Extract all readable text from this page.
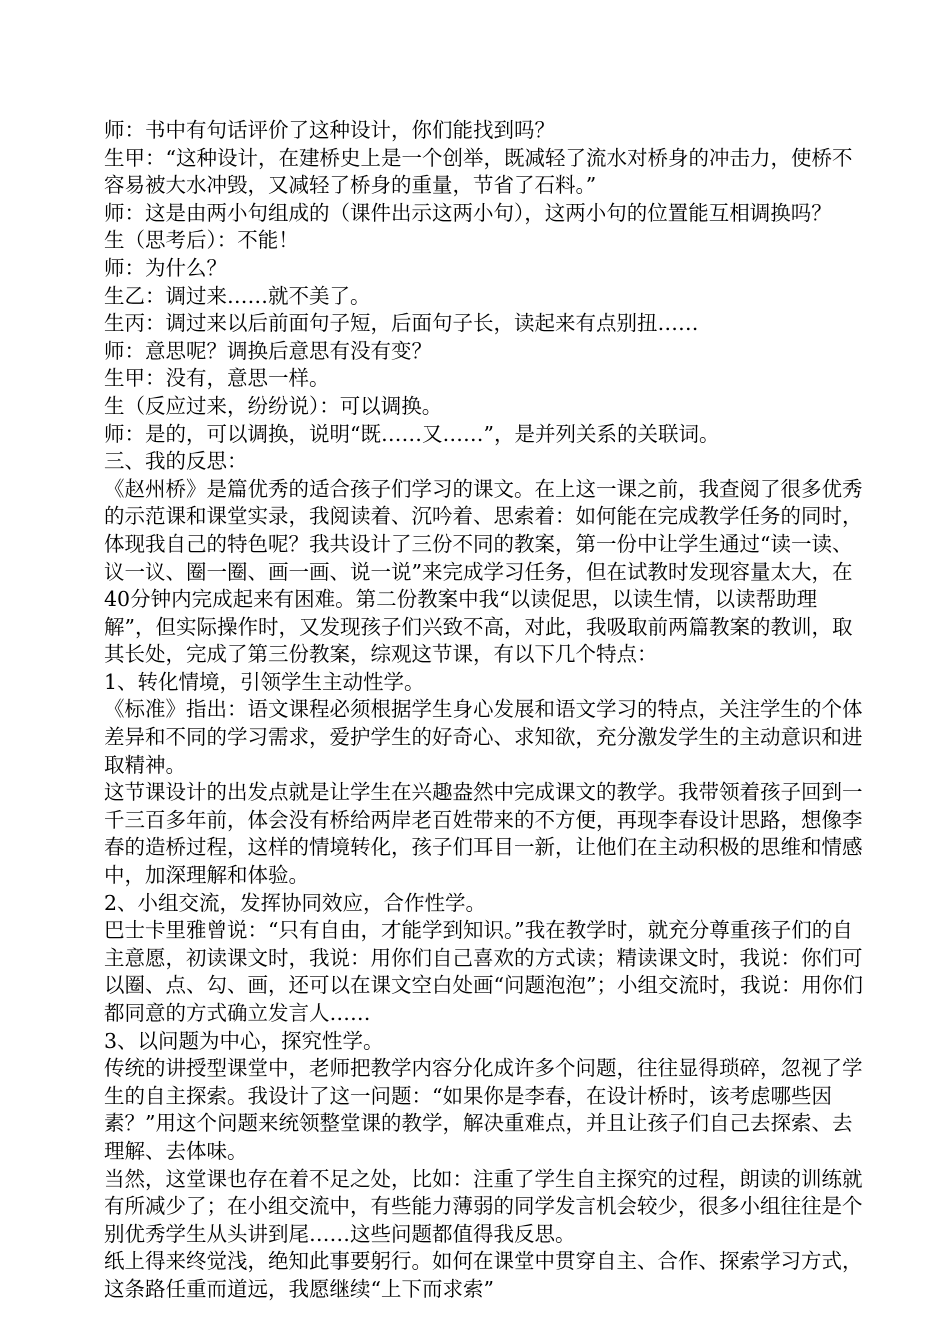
师：书中有句话评价了这种设计，你们能找到吗？

生甲：“这种设计，在建桥史上是一个创举，既减轻了流水对桥身的冲击力，使桥不容易被大水冲毁，又减轻了桥身的重量，节省了石料。”

师：这是由两小句组成的（课件出示这两小句），这两小句的位置能互相调换吗？

生（思考后）：不能！

师：为什么？

生乙：调过来……就不美了。

生丙：调过来以后前面句子短，后面句子长，读起来有点别扭……

师：意思呢？调换后意思有没有变？

生甲：没有，意思一样。

生（反应过来，纷纷说）：可以调换。

师：是的，可以调换，说明“既……又……”，是并列关系的关联词。

三、我的反思：

《赵州桥》是篇优秀的适合孩子们学习的课文。在上这一课之前，我查阅了很多优秀的示范课和课堂实录，我阅读着、沉吟着、思索着：如何能在完成教学任务的同时，体现我自己的特色呢？我共设计了三份不同的教案，第一份中让学生通过“读一读、议一议、圈一圈、画一画、说一说”来完成学习任务，但在试教时发现容量太大，在40分钟内完成起来有困难。第二份教案中我“以读促思，以读生情，以读帮助理解”，但实际操作时，又发现孩子们兴致不高，对此，我吸取前两篇教案的教训，取其长处，完成了第三份教案，综观这节课，有以下几个特点：

1、转化情境，引领学生主动性学。

《标准》指出：语文课程必须根据学生身心发展和语文学习的特点，关注学生的个体差异和不同的学习需求，爱护学生的好奇心、求知欲，充分激发学生的主动意识和进取精神。

这节课设计的出发点就是让学生在兴趣盎然中完成课文的教学。我带领着孩子回到一千三百多年前，体会没有桥给两岸老百姓带来的不方便，再现李春设计思路，想像李春的造桥过程，这样的情境转化，孩子们耳目一新，让他们在主动积极的思维和情感中，加深理解和体验。

2、小组交流，发挥协同效应，合作性学。

巴士卡里雅曾说：“只有自由，才能学到知识。”我在教学时，就充分尊重孩子们的自主意愿，初读课文时，我说：用你们自己喜欢的方式读；精读课文时，我说：你们可以圈、点、勾、画，还可以在课文空白处画“问题泡泡”；小组交流时，我说：用你们都同意的方式确立发言人……

3、以问题为中心，探究性学。

传统的讲授型课堂中，老师把教学内容分化成许多个问题，往往显得琐碎，忽视了学生的自主探索。我设计了这一问题：“如果你是李春，在设计桥时，该考虑哪些因素？”用这个问题来统领整堂课的教学，解决重难点，并且让孩子们自己去探索、去理解、去体味。

当然，这堂课也存在着不足之处，比如：注重了学生自主探究的过程，朗读的训练就有所减少了；在小组交流中，有些能力薄弱的同学发言机会较少，很多小组往往是个别优秀学生从头讲到尾……这些问题都值得我反思。

纸上得来终觉浅，绝知此事要躬行。如何在课堂中贯穿自主、合作、探索学习方式，这条路任重而道远，我愿继续“上下而求索”
